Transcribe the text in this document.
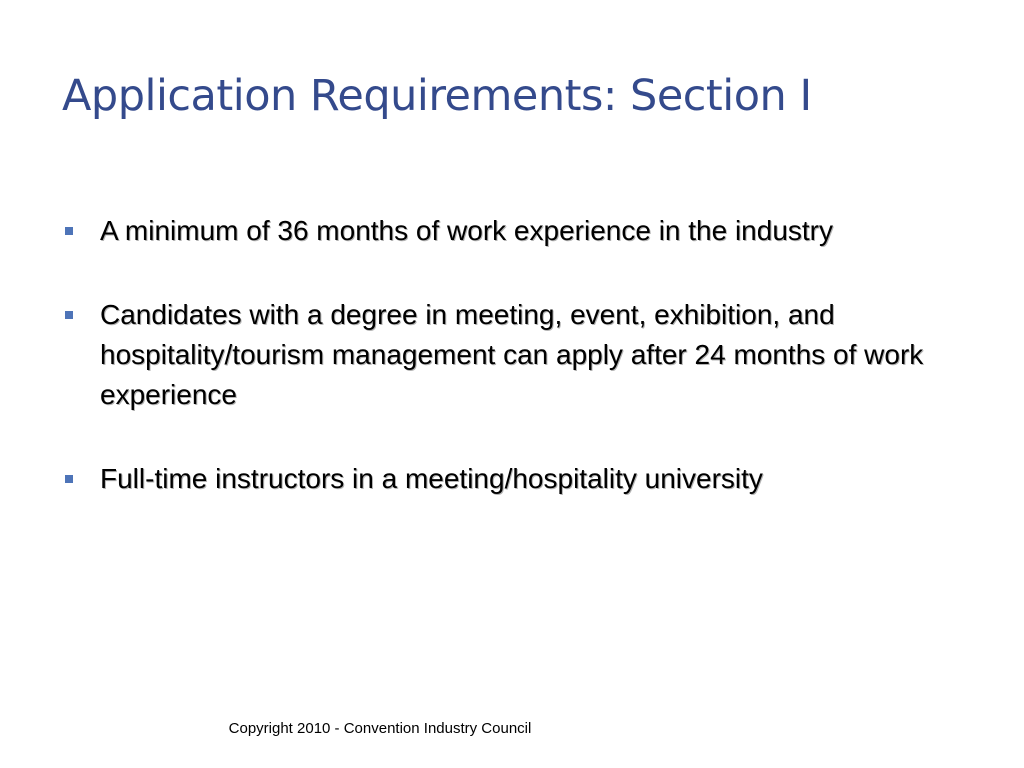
Application Requirements: Section I
A minimum of 36 months of work experience in the industry
Candidates with a degree in meeting, event, exhibition, and hospitality/tourism management can apply after 24 months of work experience
Full-time instructors in a meeting/hospitality university
Copyright 2010 - Convention Industry Council
